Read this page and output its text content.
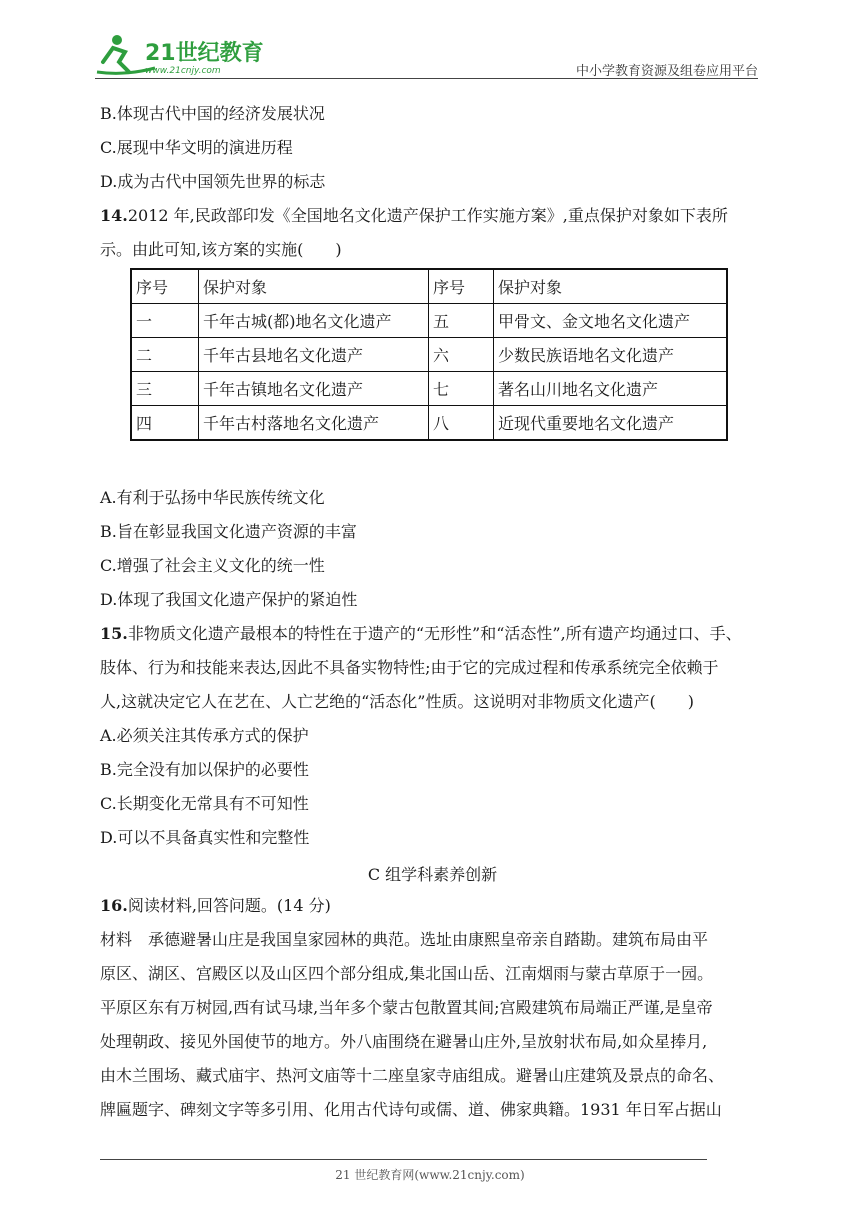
21世纪教育
www.21cnjy.com	中小学教育资源及组卷应用平台
B.体现古代中国的经济发展状况
C.展现中华文明的演进历程
D.成为古代中国领先世界的标志
14.2012 年,民政部印发《全国地名文化遗产保护工作实施方案》,重点保护对象如下表所
示。由此可知,该方案的实施(　　)
序号	保护对象	序号	保护对象
一	千年古城(都)地名文化遗产	五	甲骨文、金文地名文化遗产
二	千年古县地名文化遗产	六	少数民族语地名文化遗产
三	千年古镇地名文化遗产	七	著名山川地名文化遗产
四	千年古村落地名文化遗产	八	近现代重要地名文化遗产
A.有利于弘扬中华民族传统文化
B.旨在彰显我国文化遗产资源的丰富
C.增强了社会主义文化的统一性
D.体现了我国文化遗产保护的紧迫性
15.非物质文化遗产最根本的特性在于遗产的“无形性”和“活态性”,所有遗产均通过口、手、
肢体、行为和技能来表达,因此不具备实物特性;由于它的完成过程和传承系统完全依赖于
人,这就决定它人在艺在、人亡艺绝的“活态化”性质。这说明对非物质文化遗产(　　)
A.必须关注其传承方式的保护
B.完全没有加以保护的必要性
C.长期变化无常具有不可知性
D.可以不具备真实性和完整性
C 组学科素养创新
16.阅读材料,回答问题。(14 分)
材料　承德避暑山庄是我国皇家园林的典范。选址由康熙皇帝亲自踏勘。建筑布局由平
原区、湖区、宫殿区以及山区四个部分组成,集北国山岳、江南烟雨与蒙古草原于一园。
平原区东有万树园,西有试马埭,当年多个蒙古包散置其间;宫殿建筑布局端正严谨,是皇帝
处理朝政、接见外国使节的地方。外八庙围绕在避暑山庄外,呈放射状布局,如众星捧月,
由木兰围场、藏式庙宇、热河文庙等十二座皇家寺庙组成。避暑山庄建筑及景点的命名、
牌匾题字、碑刻文字等多引用、化用古代诗句或儒、道、佛家典籍。1931 年日军占据山
21 世纪教育网(www.21cnjy.com)
